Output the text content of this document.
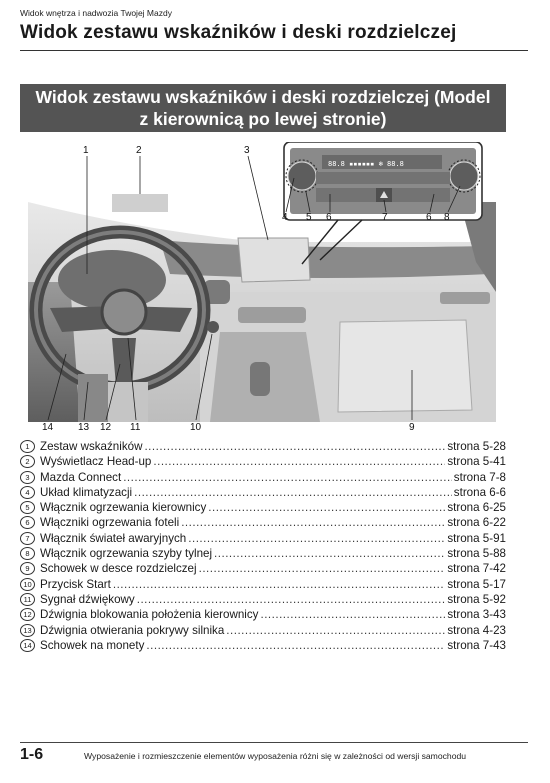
Widok wnętrza i nadwozia Twojej Mazdy
Widok zestawu wskaźników i deski rozdzielczej
Widok zestawu wskaźników i deski rozdzielczej (Model
z kierownicą po lewej stronie)
88.8 ▪▪▪▪▪▪ ❄ 88.8
1	2	3
4 5 6	7	6 8
14 13 12 11	10	9
1 Zestaw wskaźników .....	strona 5-28
2 Wyświetlacz Head-up .....	strona 5-41
3 Mazda Connect .....	strona 7-8
4 Układ klimatyzacji .....	strona 6-6
5 Włącznik ogrzewania kierownicy .....	strona 6-25
6 Włączniki ogrzewania foteli .....	strona 6-22
7 Włącznik świateł awaryjnych .....	strona 5-91
8 Włącznik ogrzewania szyby tylnej .....	strona 5-88
9 Schowek w desce rozdzielczej .....	strona 7-42
10 Przycisk Start .....	strona 5-17
11 Sygnał dźwiękowy .....	strona 5-92
12 Dźwignia blokowania położenia kierownicy .....	strona 3-43
13 Dźwignia otwierania pokrywy silnika .....	strona 4-23
14 Schowek na monety .....	strona 7-43
1-6	Wyposażenie i rozmieszczenie elementów wyposażenia różni się w zależności od wersji samochodu
